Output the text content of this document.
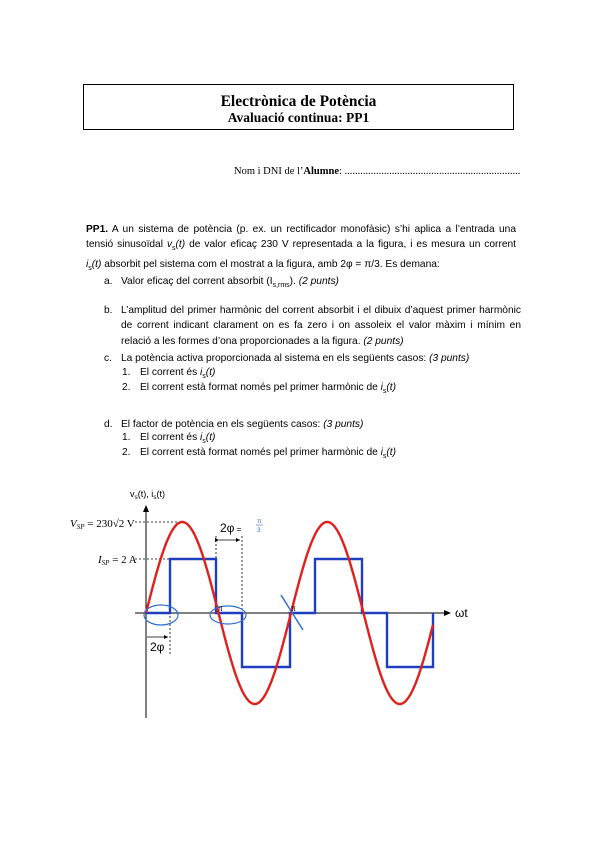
Electrònica de Potència
Avaluació continua: PP1
Nom i DNI de l’Alumne: ...................................................................
PP1. A un sistema de potència (p. ex. un rectificador monofàsic) s’hi aplica a l’entrada una tensió sinusoïdal $v_s(t)$ de valor eficaç 230 V representada a la figura, i es mesura un corrent $i_s(t)$ absorbit pel sistema com el mostrat a la figura, amb 2φ = π/3. Es demana:
a. Valor eficaç del corrent absorbit $(I_{s,rms})$. (2 punts)
b. L’amplitud del primer harmònic del corrent absorbit i el dibuix d’aquest primer harmònic de corrent indicant clarament on es fa zero i on assoleix el valor màxim i mínim en relació a les formes d’ona proporcionades a la figura. (2 punts)
c. La potència activa proporcionada al sistema en els següents casos: (3 punts)
1. El corrent és $i_s(t)$
2. El corrent està format només pel primer harmònic de $i_s(t)$
d. El factor de potència en els següents casos: (3 punts)
1. El corrent és $i_s(t)$
2. El corrent està format només pel primer harmònic de $i_s(t)$
$v_s(t)$, $i_s(t)$
ωt
VSP = 230√2 V
ISP = 2 A
2φ =
π
3
2φ
π	π
